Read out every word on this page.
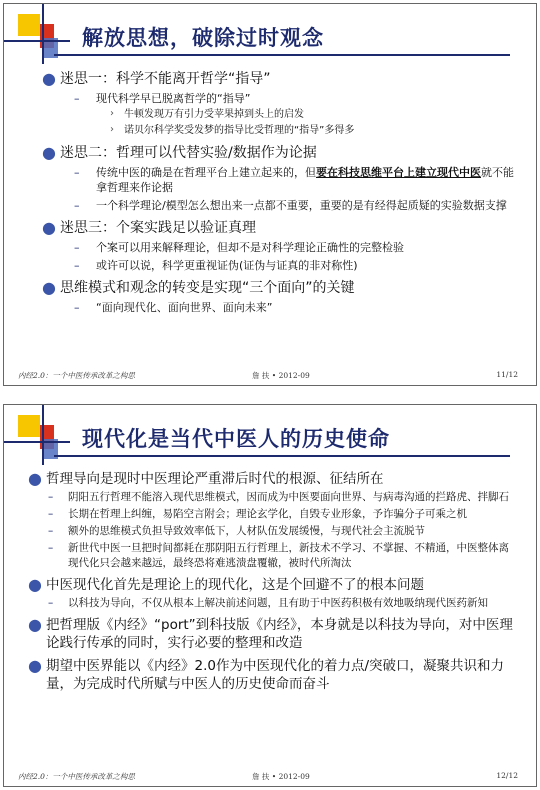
解放思想，破除过时观念
● 迷思一：科学不能离开哲学“指导”
– 现代科学早已脱离哲学的“指导”
› 牛顿发现万有引力受苹果掉到头上的启发
› 诺贝尔科学奖受发梦的指导比受哲理的“指导”多得多
● 迷思二：哲理可以代替实验/数据作为论据
– 传统中医的确是在哲理平台上建立起来的，但要在科技思维平台上建立现代中医就不能拿哲理来作论据
– 一个科学理论/模型怎么想出来一点都不重要，重要的是有经得起质疑的实验数据支撑
● 迷思三：个案实践足以验证真理
– 个案可以用来解释理论，但却不是对科学理论正确性的完整检验
– 或许可以说，科学更重视证伪(证伪与证真的非对称性)
● 思维模式和观念的转变是实现“三个面向”的关键
– “面向现代化、面向世界、面向未来”
内经2.0：一个中医传承改革之构思	詹 扶 • 2012-09	11/12
现代化是当代中医人的历史使命
● 哲理导向是现时中医理论严重滞后时代的根源、征结所在
– 阴阳五行哲理不能溶入现代思维模式，因而成为中医要面向世界、与病毒沟通的拦路虎、拌脚石
– 长期在哲理上纠缠，易陷空言附会；理论玄学化，自毁专业形象，予诈骗分子可乘之机
– 额外的思维模式负担导致效率低下，人材队伍发展缓慢，与现代社会主流脱节
– 新世代中医一旦把时间都耗在那阴阳五行哲理上，新技术不学习、不掌握、不精通，中医整体离现代化只会越来越远，最终恐将难逃溃盘覆辙，被时代所淘汰
● 中医现代化首先是理论上的现代化，这是个回避不了的根本问题
– 以科技为导向，不仅从根本上解决前述问题，且有助于中医药积极有效地吸纳现代医药新知
● 把哲理版《内经》“port”到科技版《内经》，本身就是以科技为导向，对中医理论践行传承的同时，实行必要的整理和改造
● 期望中医界能以《内经》2.0作为中医现代化的着力点/突破口，凝聚共识和力量，为完成时代所赋与中医人的历史使命而奋斗
内经2.0：一个中医传承改革之构思	詹 扶 • 2012-09	12/12
